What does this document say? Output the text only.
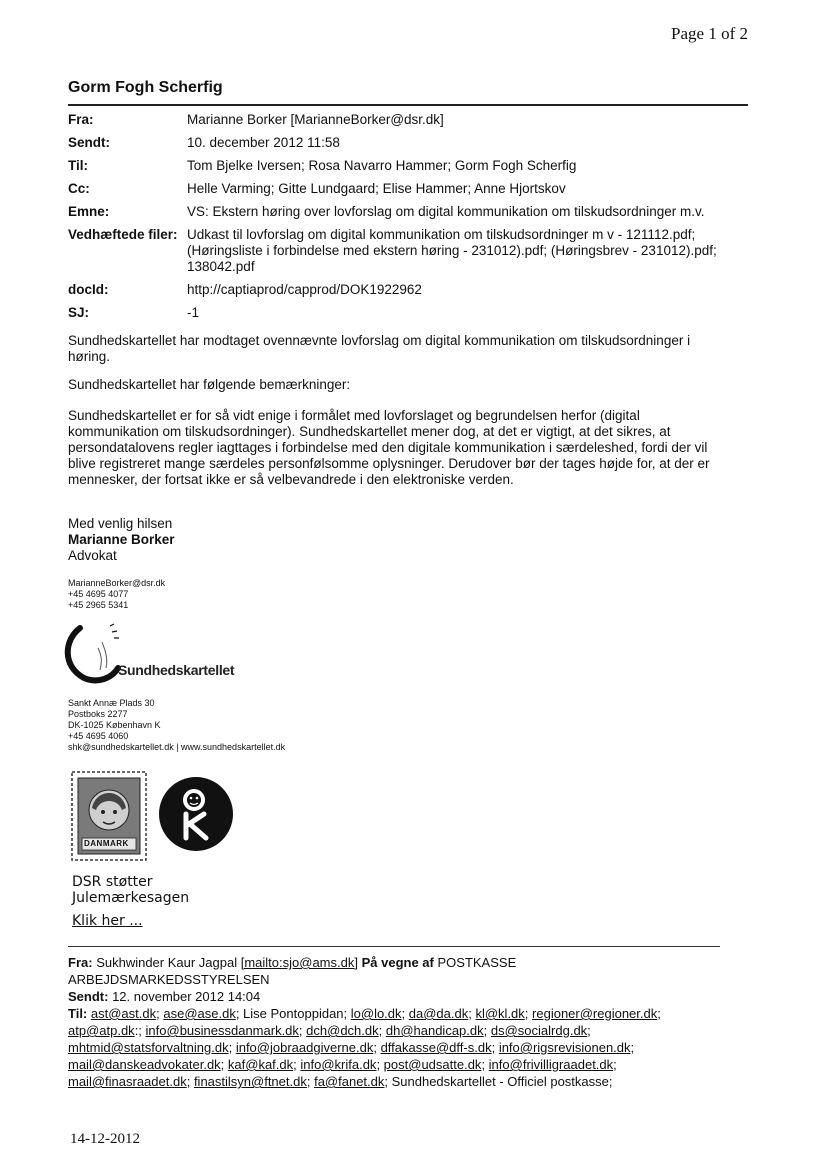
Page 1 of 2
Gorm Fogh Scherfig
Fra:	Marianne Borker [MarianneBorker@dsr.dk]
Sendt:	10. december 2012 11:58
Til:	Tom Bjelke Iversen; Rosa Navarro Hammer; Gorm Fogh Scherfig
Cc:	Helle Varming; Gitte Lundgaard; Elise Hammer; Anne Hjortskov
Emne:	VS: Ekstern høring over lovforslag om digital kommunikation om tilskudsordninger m.v.
Vedhæftede filer:	Udkast til lovforslag om digital kommunikation om tilskudsordninger m v - 121112.pdf; (Høringsliste i forbindelse med ekstern høring - 231012).pdf; (Høringsbrev - 231012).pdf; 138042.pdf
docId:	http://captiaprod/capprod/DOK1922962
SJ:	-1
Sundhedskartellet har modtaget ovennævnte lovforslag om digital kommunikation om tilskudsordninger i høring.
Sundhedskartellet har følgende bemærkninger:
Sundhedskartellet er for så vidt enige i formålet med lovforslaget og begrundelsen herfor (digital kommunikation om tilskudsordninger). Sundhedskartellet mener dog, at det er vigtigt, at det sikres, at persondatalovens regler iagttages i forbindelse med den digitale kommunikation i særdeleshed, fordi der vil blive registreret mange særdeles personfølsomme oplysninger. Derudover bør der tages højde for, at der er mennesker, der fortsat ikke er så velbevandrede i den elektroniske verden.
Med venlig hilsen
Marianne Borker
Advokat
MarianneBorker@dsr.dk
+45 4695 4077
+45 2965 5341
Sundhedskartellet
Sankt Annæ Plads 30
Postboks 2277
DK-1025 København K
+45 4695 4060
shk@sundhedskartellet.dk | www.sundhedskartellet.dk
DANMARK
DSR støtter
Julemærkesagen
Klik her ...
Fra: Sukhwinder Kaur Jagpal [mailto:sjo@ams.dk] På vegne af POSTKASSE ARBEJDSMARKEDSSTYRELSEN
Sendt: 12. november 2012 14:04
Til: ast@ast.dk; ase@ase.dk; Lise Pontoppidan; lo@lo.dk; da@da.dk; kl@kl.dk; regioner@regioner.dk; atp@atp.dk:; info@businessdanmark.dk; dch@dch.dk; dh@handicap.dk; ds@socialrdg.dk; mhtmid@statsforvaltning.dk; info@jobraadgiverne.dk; dffakasse@dff-s.dk; info@rigsrevisionen.dk; mail@danskeadvokater.dk; kaf@kaf.dk; info@krifa.dk; post@udsatte.dk; info@frivilligraadet.dk; mail@finasraadet.dk; finastilsyn@ftnet.dk; fa@fanet.dk; Sundhedskartellet - Officiel postkasse;
14-12-2012
